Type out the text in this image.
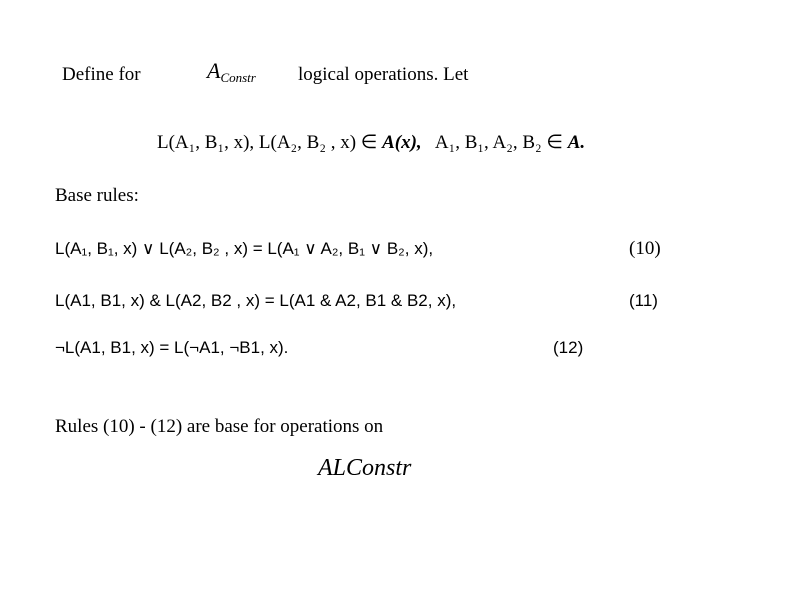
Define for	AConstr logical operations. Let
L(A₁, B₁, x), L(A₂, B₂ , x) ∈ A(x),   A₁, B₁, A₂, B₂ ∈ A.
Base rules:
L(A₁, B₁, x) ∨ L(A₂, B₂ , x) = L(A₁ ∨ A₂, B₁ ∨ B₂, x),	(10)
L(A1, B1, x) & L(A2, B2 , x) = L(A1 & A2, B1 & B2, x),	(11)
¬L(A1, B1, x) = L(¬A1, ¬B1, x).	(12)
Rules (10) - (12) are base for operations on
ALConstr
